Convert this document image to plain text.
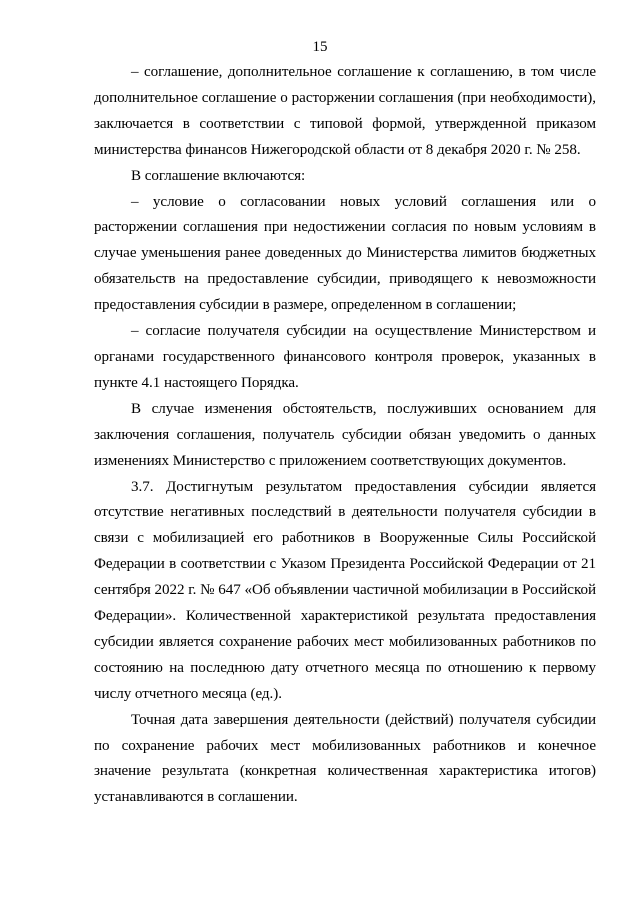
15

– соглашение, дополнительное соглашение к соглашению, в том числе дополнительное соглашение о расторжении соглашения (при необходимости), заключается в соответствии с типовой формой, утвержденной приказом министерства финансов Нижегородской области от 8 декабря 2020 г. № 258.

В соглашение включаются:

– условие о согласовании новых условий соглашения или о расторжении соглашения при недостижении согласия по новым условиям в случае уменьшения ранее доведенных до Министерства лимитов бюджетных обязательств на предоставление субсидии, приводящего к невозможности предоставления субсидии в размере, определенном в соглашении;

– согласие получателя субсидии на осуществление Министерством и органами государственного финансового контроля проверок, указанных в пункте 4.1 настоящего Порядка.

В случае изменения обстоятельств, послуживших основанием для заключения соглашения, получатель субсидии обязан уведомить о данных изменениях Министерство с приложением соответствующих документов.

3.7. Достигнутым результатом предоставления субсидии является отсутствие негативных последствий в деятельности получателя субсидии в связи с мобилизацией его работников в Вооруженные Силы Российской Федерации в соответствии с Указом Президента Российской Федерации от 21 сентября 2022 г. № 647 «Об объявлении частичной мобилизации в Российской Федерации». Количественной характеристикой результата предоставления субсидии является сохранение рабочих мест мобилизованных работников по состоянию на последнюю дату отчетного месяца по отношению к первому числу отчетного месяца (ед.).

Точная дата завершения деятельности (действий) получателя субсидии по сохранение рабочих мест мобилизованных работников и конечное значение результата (конкретная количественная характеристика итогов) устанавливаются в соглашении.
